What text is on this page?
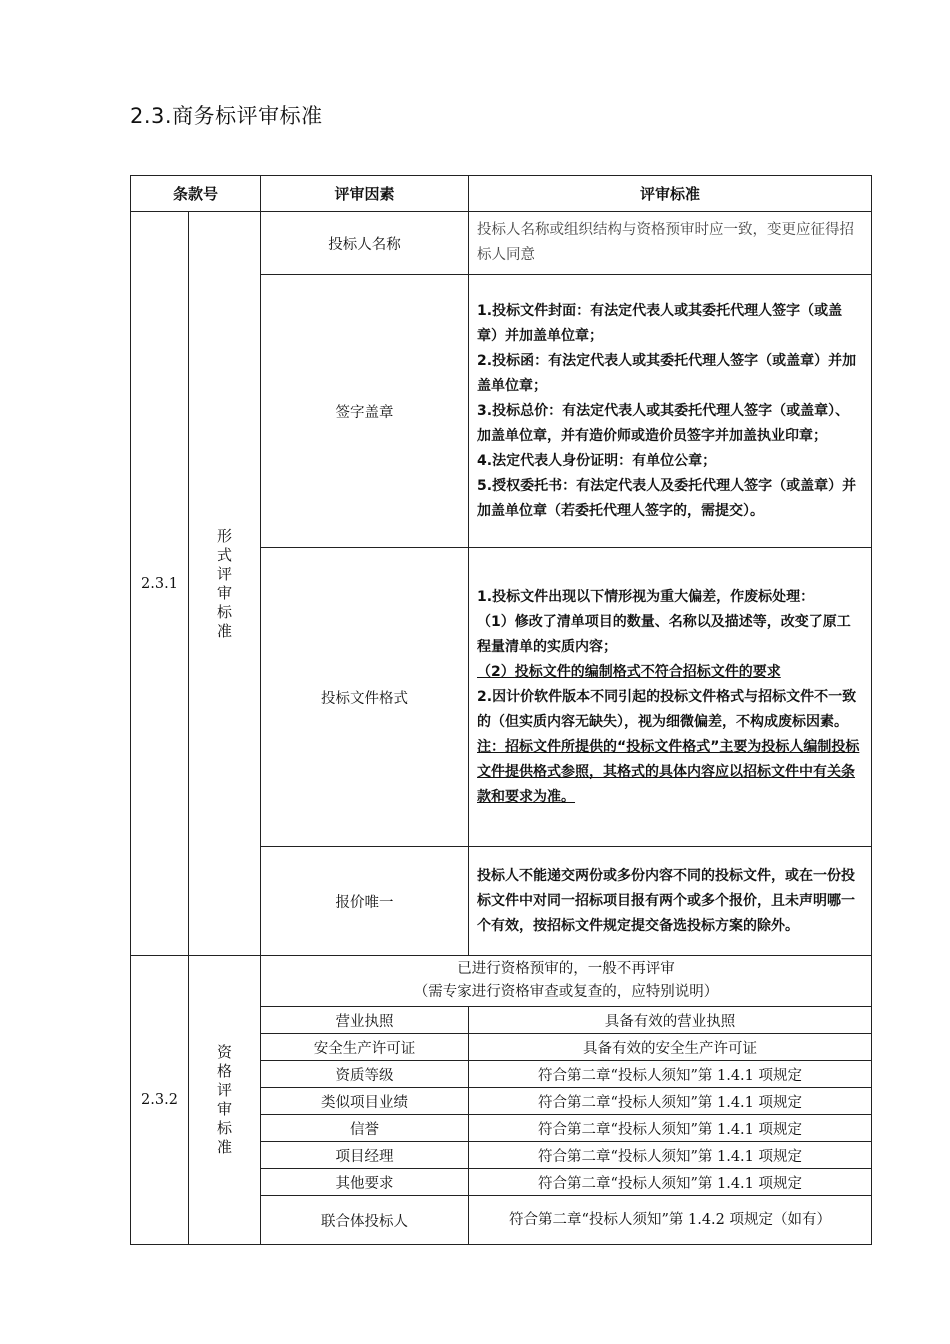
2.3.商务标评审标准
条款号		评审因素	评审标准
2.3.1	形式评审标准	投标人名称	投标人名称或组织结构与资格预审时应一致，变更应征得招标人同意

		签字盖章	1.投标文件封面：有法定代表人或其委托代理人签字（或盖章）并加盖单位章；
2.投标函：有法定代表人或其委托代理人签字（或盖章）并加盖单位章；
3.投标总价：有法定代表人或其委托代理人签字（或盖章）、加盖单位章，并有造价师或造价员签字并加盖执业印章；
4.法定代表人身份证明：有单位公章；
5.授权委托书：有法定代表人及委托代理人签字（或盖章）并加盖单位章（若委托代理人签字的，需提交）。

		投标文件格式	1.投标文件出现以下情形视为重大偏差，作废标处理：
（1）修改了清单项目的数量、名称以及描述等，改变了原工程量清单的实质内容；
（2）投标文件的编制格式不符合招标文件的要求
2.因计价软件版本不同引起的投标文件格式与招标文件不一致的（但实质内容无缺失），视为细微偏差，不构成废标因素。
注：招标文件所提供的“投标文件格式”主要为投标人编制投标文件提供格式参照，其格式的具体内容应以招标文件中有关条款和要求为准。

		报价唯一	投标人不能递交两份或多份内容不同的投标文件，或在一份投标文件中对同一招标项目报有两个或多个报价，且未声明哪一个有效，按招标文件规定提交备选投标方案的除外。

2.3.2	资格评审标准	已进行资格预审的，一般不再评审
（需专家进行资格审查或复查的，应特别说明）	

		营业执照	具备有效的营业执照
		安全生产许可证	具备有效的安全生产许可证
		资质等级	符合第二章“投标人须知”第 1.4.1 项规定
		类似项目业绩	符合第二章“投标人须知”第 1.4.1 项规定
		信誉	符合第二章“投标人须知”第 1.4.1 项规定
		项目经理	符合第二章“投标人须知”第 1.4.1 项规定
		其他要求	符合第二章“投标人须知”第 1.4.1 项规定
		联合体投标人	符合第二章“投标人须知”第 1.4.2 项规定（如有）
